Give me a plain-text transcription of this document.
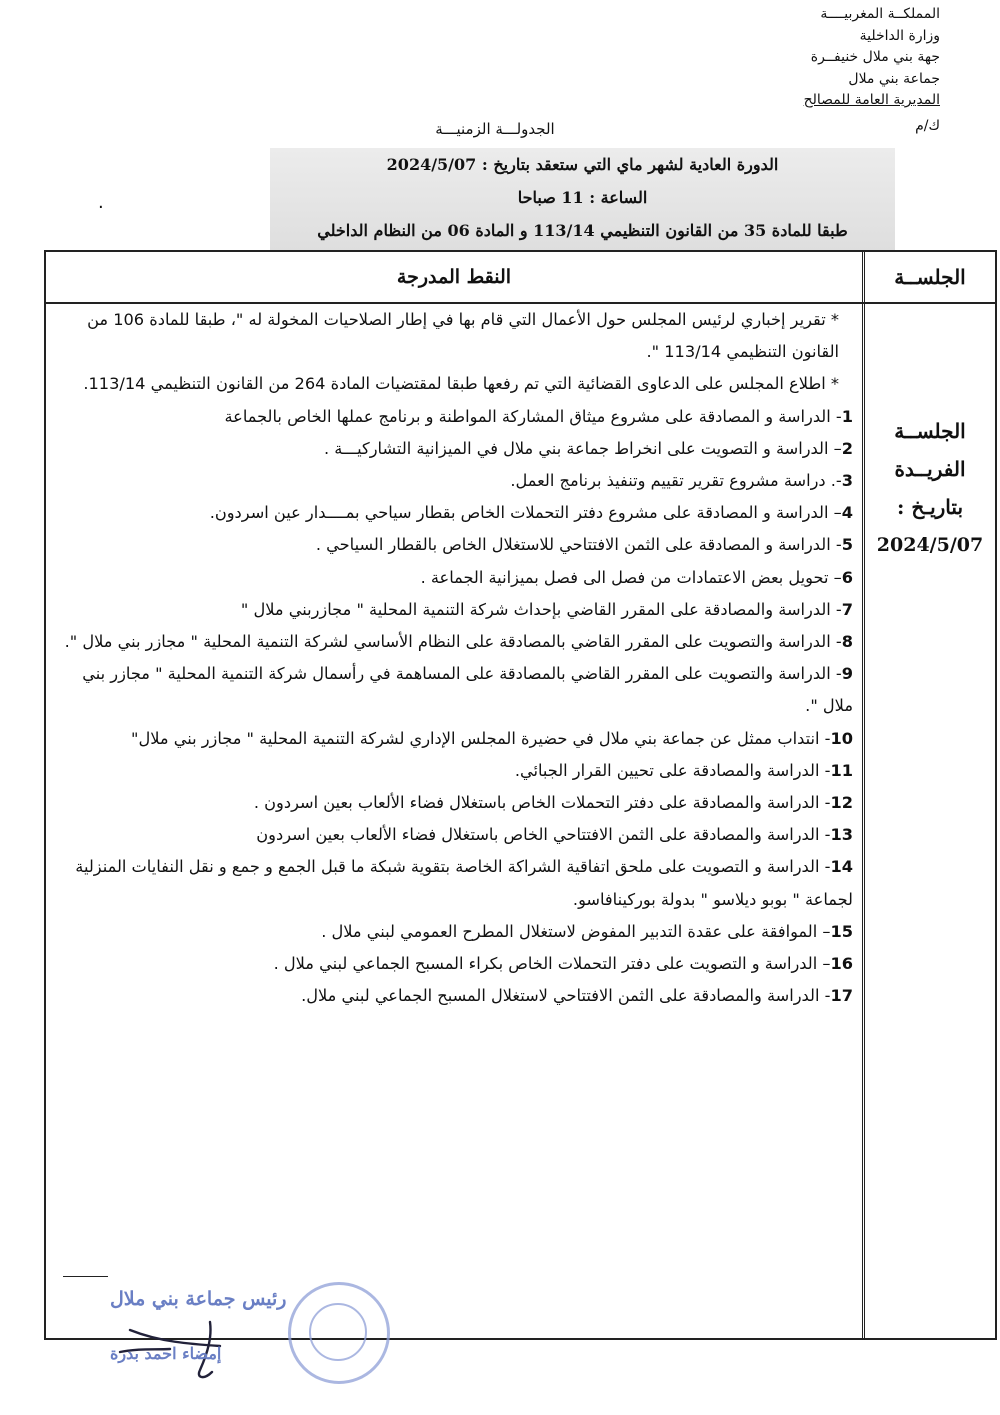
المملكــة المغربيــــة
وزارة الداخلية
جهة بني ملال خنيفــرة
جماعة بني ملال
المديرية العامة للمصالح
ك/م
الجدولـــة الزمنيـــة
الدورة العادية لشهر ماي التي ستعقد بتاريخ : 2024/5/07
الساعة : 11 صباحا
طبقا للمادة 35 من القانون التنظيمي 113/14 و المادة 06 من النظام الداخلي
.
النقط المدرجة	الجلســة
الجلســة
الفريــدة
بتاريـخ :
2024/5/07

* تقرير إخباري لرئيس المجلس حول الأعمال التي قام بها في إطار الصلاحيات المخولة له "، طبقا للمادة 106 من القانون التنظيمي 113/14 ".

* اطلاع المجلس على الدعاوى القضائية التي تم رفعها طبقا لمقتضيات المادة 264 من القانون التنظيمي 113/14.

1- الدراسة و المصادقة على مشروع ميثاق المشاركة المواطنة و برنامج عملها الخاص بالجماعة

2– الدراسة و التصويت على انخراط جماعة بني ملال في الميزانية التشاركيـــة .

3-. دراسة مشروع تقرير تقييم وتنفيذ برنامج العمل.

4– الدراسة و المصادقة على مشروع دفتر التحملات الخاص بقطار سياحي بمــــدار عين اسردون.

5- الدراسة و المصادقة على الثمن الافتتاحي للاستغلال الخاص بالقطار السياحي .

6– تحويل بعض الاعتمادات من فصل الى فصل بميزانية الجماعة .

7- الدراسة والمصادقة على المقرر القاضي بإحداث شركة التنمية المحلية " مجازربني ملال "

8- الدراسة والتصويت على المقرر القاضي بالمصادقة على النظام الأساسي لشركة التنمية المحلية " مجازر بني ملال ".

9- الدراسة والتصويت على المقرر القاضي بالمصادقة على المساهمة في رأسمال شركة التنمية المحلية " مجازر بني ملال ".

10- انتداب ممثل عن جماعة بني ملال في حضيرة المجلس الإداري لشركة التنمية المحلية " مجازر بني ملال"

11- الدراسة والمصادقة على تحيين القرار الجبائي.

12- الدراسة والمصادقة على دفتر التحملات الخاص باستغلال فضاء الألعاب بعين اسردون .

13- الدراسة والمصادقة على الثمن الافتتاحي الخاص باستغلال فضاء الألعاب بعين اسردون

14- الدراسة و التصويت على ملحق اتفاقية الشراكة الخاصة بتقوية شبكة ما قبل الجمع و جمع و نقل النفايات المنزلية لجماعة " بوبو ديلاسو " بدولة بوركينافاسو.

15– الموافقة على عقدة التدبير المفوض لاستغلال المطرح العمومي لبني ملال .

16– الدراسة و التصويت على دفتر التحملات الخاص بكراء المسبح الجماعي لبني ملال .

17- الدراسة والمصادقة على الثمن الافتتاحي لاستغلال المسبح الجماعي لبني ملال.

رئيس جماعة بني ملال
إمضاء احمد بدرة
